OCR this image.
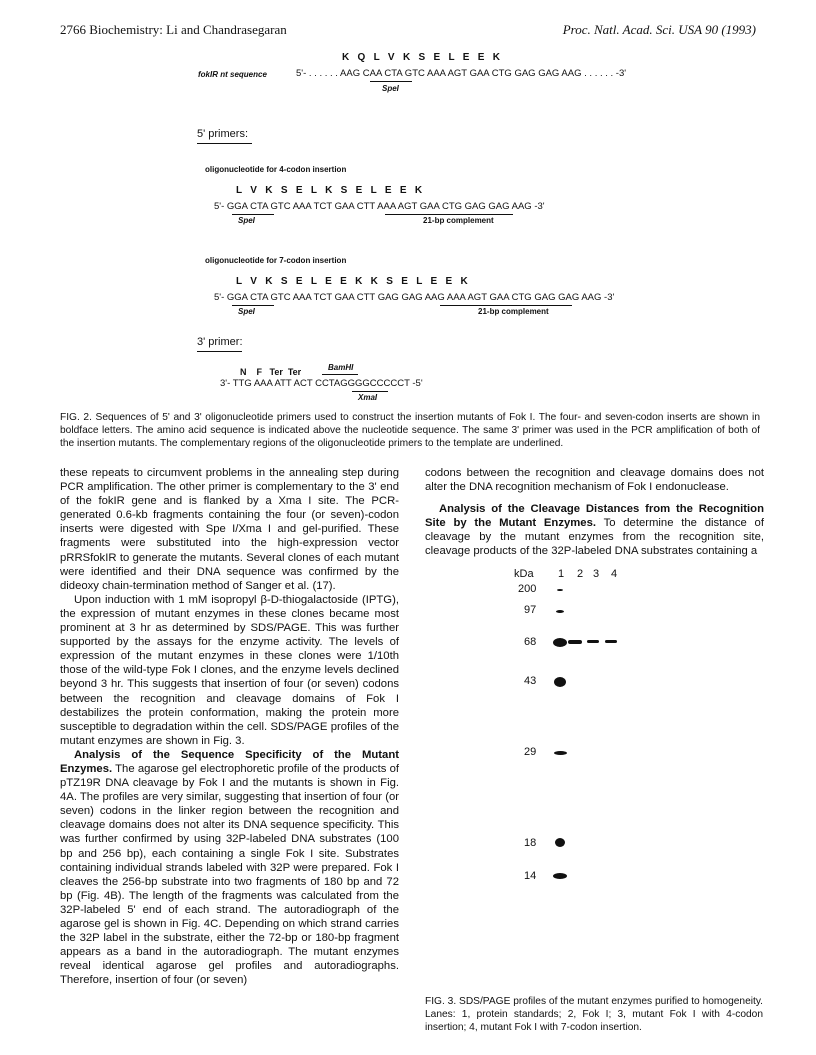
2766 Biochemistry: Li and Chandrasegaran	Proc. Natl. Acad. Sci. USA 90 (1993)
K   Q   L   V   K   S   E   L   E   E   K
fokIR nt sequence	5'- . . . . . . AAG CAA CTA GTC AAA AGT GAA CTG GAG GAG AAG . . . . . . -3'
SpeI
5' primers:
oligonucleotide for 4-codon insertion
L   V   K   S   E   L   K   S   E   L   E   E   K
5'- GGA CTA GTC AAA TCT GAA CTT AAA AGT GAA CTG GAG GAG AAG -3'
SpeI	21-bp complement
oligonucleotide for 7-codon insertion
L   V   K   S   E   L   E   E   K   K   S   E   L   E   E   K
5'- GGA CTA GTC AAA TCT GAA CTT GAG GAG AAG AAA AGT GAA CTG GAG GAG AAG -3'
SpeI	21-bp complement
3' primer:
N    F   Ter  Ter	BamHI
3'- TTG AAA ATT ACT CCTAGGGGCCCCCT -5'
XmaI
FIG. 2. Sequences of 5' and 3' oligonucleotide primers used to construct the insertion mutants of Fok I. The four- and seven-codon inserts are shown in boldface letters. The amino acid sequence is indicated above the nucleotide sequence. The same 3' primer was used in the PCR amplification of both of the insertion mutants. The complementary regions of the oligonucleotide primers to the template are underlined.

these repeats to circumvent problems in the annealing step during PCR amplification. The other primer is complementary to the 3' end of the fokIR gene and is flanked by a Xma I site. The PCR-generated 0.6-kb fragments containing the four (or seven)-codon inserts were digested with Spe I/Xma I and gel-purified. These fragments were substituted into the high-expression vector pRRSfokIR to generate the mutants. Several clones of each mutant were identified and their DNA sequence was confirmed by the dideoxy chain-termination method of Sanger et al. (17).

Upon induction with 1 mM isopropyl β-D-thiogalactoside (IPTG), the expression of mutant enzymes in these clones became most prominent at 3 hr as determined by SDS/PAGE. This was further supported by the assays for the enzyme activity. The levels of expression of the mutant enzymes in these clones were 1/10th those of the wild-type Fok I clones, and the enzyme levels declined beyond 3 hr. This suggests that insertion of four (or seven) codons between the recognition and cleavage domains of Fok I destabilizes the protein conformation, making the protein more susceptible to degradation within the cell. SDS/PAGE profiles of the mutant enzymes are shown in Fig. 3.

Analysis of the Sequence Specificity of the Mutant Enzymes. The agarose gel electrophoretic profile of the products of pTZ19R DNA cleavage by Fok I and the mutants is shown in Fig. 4A. The profiles are very similar, suggesting that insertion of four (or seven) codons in the linker region between the recognition and cleavage domains does not alter its DNA sequence specificity. This was further confirmed by using 32P-labeled DNA substrates (100 bp and 256 bp), each containing a single Fok I site. Substrates containing individual strands labeled with 32P were prepared. Fok I cleaves the 256-bp substrate into two fragments of 180 bp and 72 bp (Fig. 4B). The length of the fragments was calculated from the 32P-labeled 5' end of each strand. The autoradiograph of the agarose gel is shown in Fig. 4C. Depending on which strand carries the 32P label in the substrate, either the 72-bp or 180-bp fragment appears as a band in the autoradiograph. The mutant enzymes reveal identical agarose gel profiles and autoradiographs. Therefore, insertion of four (or seven)

codons between the recognition and cleavage domains does not alter the DNA recognition mechanism of Fok I endonuclease.

Analysis of the Cleavage Distances from the Recognition Site by the Mutant Enzymes. To determine the distance of cleavage by the mutant enzymes from the recognition site, cleavage products of the 32P-labeled DNA substrates containing a

kDa 1 2 3 4
200
97
68
43
29
18
14
FIG. 3. SDS/PAGE profiles of the mutant enzymes purified to homogeneity. Lanes: 1, protein standards; 2, Fok I; 3, mutant Fok I with 4-codon insertion; 4, mutant Fok I with 7-codon insertion.
